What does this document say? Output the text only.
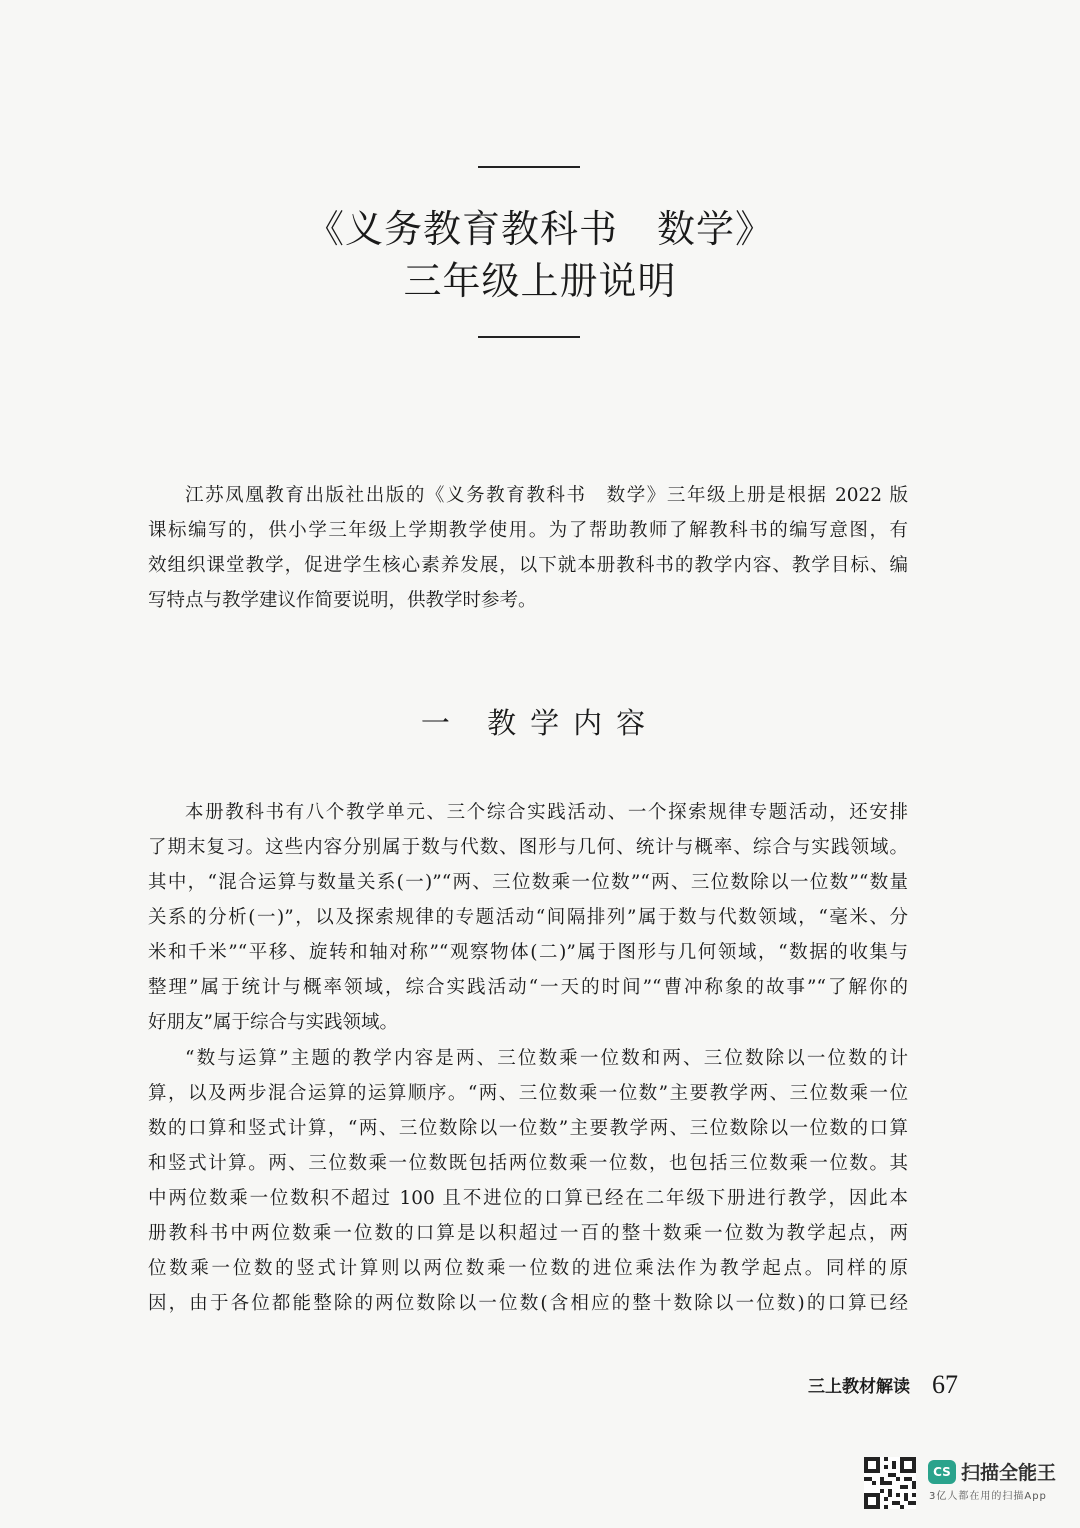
《义务教育教科书　数学》
三年级上册说明
江苏凤凰教育出版社出版的《义务教育教科书　数学》三年级上册是根据 2022 版
课标编写的，供小学三年级上学期教学使用。为了帮助教师了解教科书的编写意图，有
效组织课堂教学，促进学生核心素养发展，以下就本册教科书的教学内容、教学目标、编
写特点与教学建议作简要说明，供教学时参考。
一 教学内容
本册教科书有八个教学单元、三个综合实践活动、一个探索规律专题活动，还安排
了期末复习。这些内容分别属于数与代数、图形与几何、统计与概率、综合与实践领域。
其中，“混合运算与数量关系(一)”“两、三位数乘一位数”“两、三位数除以一位数”“数量
关系的分析(一)”，以及探索规律的专题活动“间隔排列”属于数与代数领域，“毫米、分
米和千米”“平移、旋转和轴对称”“观察物体(二)”属于图形与几何领域，“数据的收集与
整理”属于统计与概率领域，综合实践活动“一天的时间”“曹冲称象的故事”“了解你的
好朋友”属于综合与实践领域。
“数与运算”主题的教学内容是两、三位数乘一位数和两、三位数除以一位数的计
算，以及两步混合运算的运算顺序。“两、三位数乘一位数”主要教学两、三位数乘一位
数的口算和竖式计算，“两、三位数除以一位数”主要教学两、三位数除以一位数的口算
和竖式计算。两、三位数乘一位数既包括两位数乘一位数，也包括三位数乘一位数。其
中两位数乘一位数积不超过 100 且不进位的口算已经在二年级下册进行教学，因此本
册教科书中两位数乘一位数的口算是以积超过一百的整十数乘一位数为教学起点，两
位数乘一位数的竖式计算则以两位数乘一位数的进位乘法作为教学起点。同样的原
因，由于各位都能整除的两位数除以一位数(含相应的整十数除以一位数)的口算已经
三上教材解读 67
CS 扫描全能王
3亿人都在用的扫描App
